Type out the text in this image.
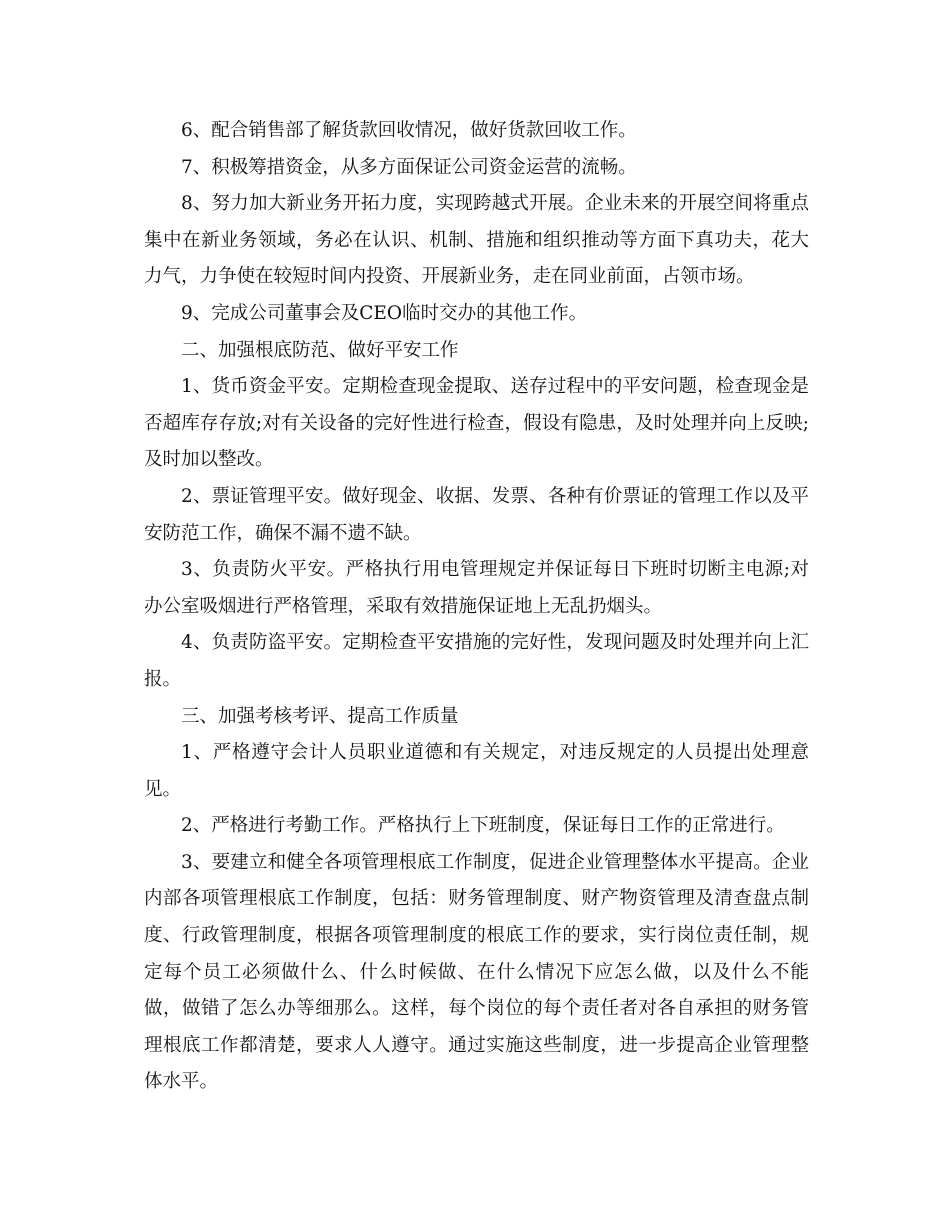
6、配合销售部了解货款回收情况，做好货款回收工作。

7、积极筹措资金，从多方面保证公司资金运营的流畅。

8、努力加大新业务开拓力度，实现跨越式开展。企业未来的开展空间将重点集中在新业务领域，务必在认识、机制、措施和组织推动等方面下真功夫，花大力气，力争使在较短时间内投资、开展新业务，走在同业前面，占领市场。

9、完成公司董事会及CEO临时交办的其他工作。

二、加强根底防范、做好平安工作

1、货币资金平安。定期检查现金提取、送存过程中的平安问题，检查现金是否超库存存放;对有关设备的完好性进行检查，假设有隐患，及时处理并向上反映;及时加以整改。

2、票证管理平安。做好现金、收据、发票、各种有价票证的管理工作以及平安防范工作，确保不漏不遗不缺。

3、负责防火平安。严格执行用电管理规定并保证每日下班时切断主电源;对办公室吸烟进行严格管理，采取有效措施保证地上无乱扔烟头。

4、负责防盗平安。定期检查平安措施的完好性，发现问题及时处理并向上汇报。

三、加强考核考评、提高工作质量

1、严格遵守会计人员职业道德和有关规定，对违反规定的人员提出处理意见。

2、严格进行考勤工作。严格执行上下班制度，保证每日工作的正常进行。

3、要建立和健全各项管理根底工作制度，促进企业管理整体水平提高。企业内部各项管理根底工作制度，包括：财务管理制度、财产物资管理及清查盘点制度、行政管理制度，根据各项管理制度的根底工作的要求，实行岗位责任制，规定每个员工必须做什么、什么时候做、在什么情况下应怎么做，以及什么不能做，做错了怎么办等细那么。这样，每个岗位的每个责任者对各自承担的财务管理根底工作都清楚，要求人人遵守。通过实施这些制度，进一步提高企业管理整体水平。
